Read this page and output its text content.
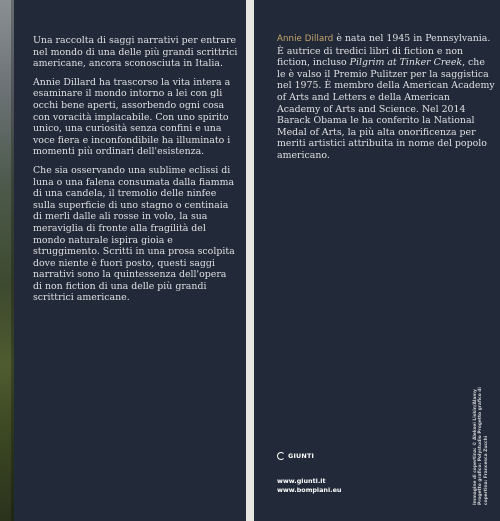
Una raccolta di saggi narrativi per entrare nel mondo di una delle più grandi scrittrici americane, ancora sconosciuta in Italia.

Annie Dillard ha trascorso la vita intera a esaminare il mondo intorno a lei con gli occhi bene aperti, assorbendo ogni cosa con voracità implacabile. Con uno spirito unico, una curiosità senza confini e una voce fiera e inconfondibile ha illuminato i momenti più ordinari dell'esistenza.

Che sia osservando una sublime eclissi di luna o una falena consumata dalla fiamma di una candela, il tremolio delle ninfee sulla superficie di uno stagno o centinaia di merli dalle ali rosse in volo, la sua meraviglia di fronte alla fragilità del mondo naturale ispira gioia e struggimento. Scritti in una prosa scolpita dove niente è fuori posto, questi saggi narrativi sono la quintessenza dell'opera di non fiction di una delle più grandi scrittrici americane.

Annie Dillard è nata nel 1945 in Pennsylvania. È autrice di tredici libri di fiction e non fiction, incluso Pilgrim at Tinker Creek, che le è valso il Premio Pulitzer per la saggistica nel 1975. È membro della American Academy of Arts and Letters e della American Academy of Arts and Science. Nel 2014 Barack Obama le ha conferito la National Medal of Arts, la più alta onorificenza per meriti artistici attribuita in nome del popolo americano.

GIUNTI
www.giunti.it
www.bompiani.eu	Immagine di copertina: © Aleksei Liskin/Alamy Progetto grafico: Polystudio Progetto grafico di copertina: Francesca Zucchi
